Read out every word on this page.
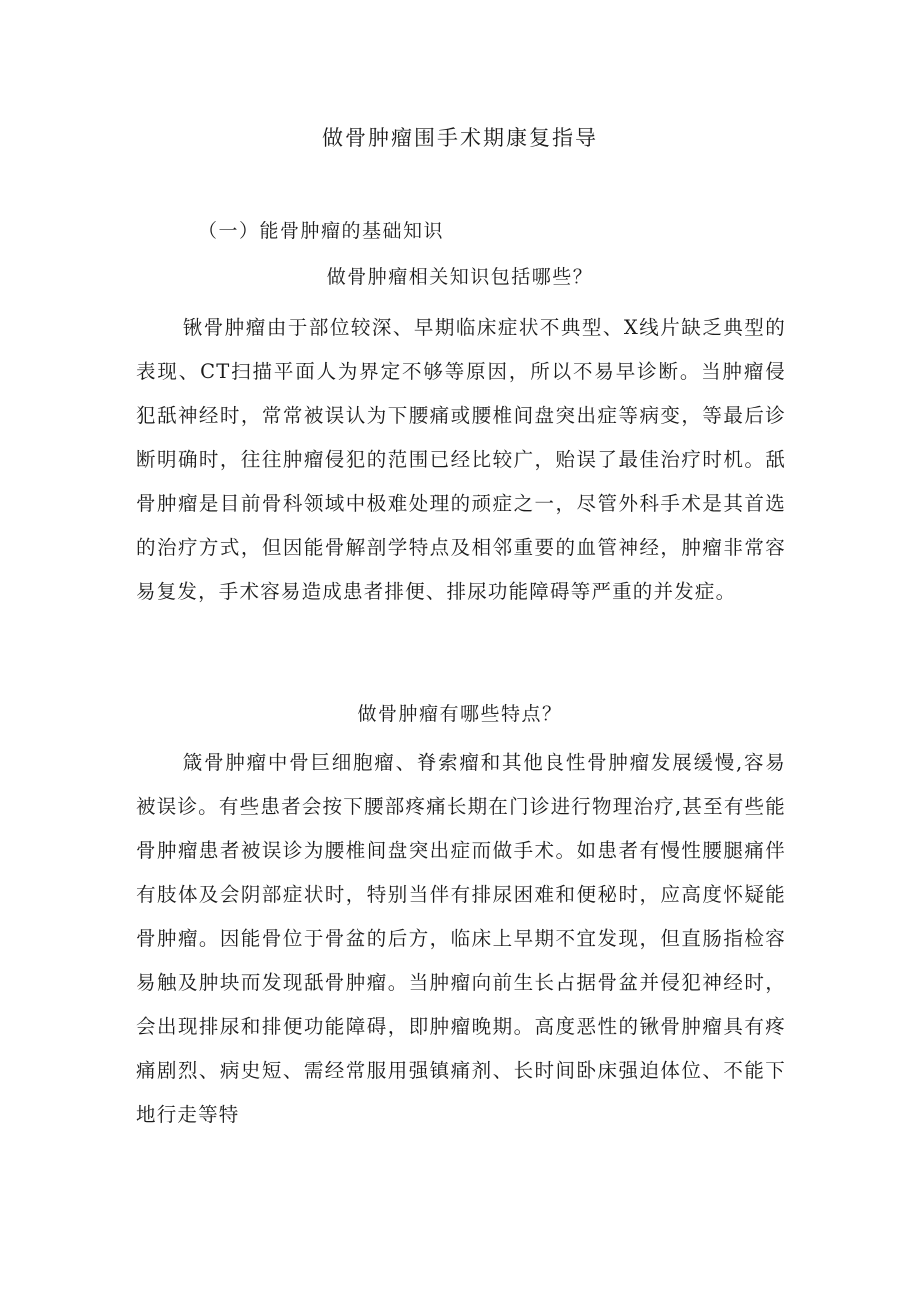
做骨肿瘤围手术期康复指导
（一）能骨肿瘤的基础知识
做骨肿瘤相关知识包括哪些？

锹骨肿瘤由于部位较深、早期临床症状不典型、X线片缺乏典型的表现、CT扫描平面人为界定不够等原因，所以不易早诊断。当肿瘤侵犯舐神经时，常常被误认为下腰痛或腰椎间盘突出症等病变，等最后诊断明确时，往往肿瘤侵犯的范围已经比较广，贻误了最佳治疗时机。舐骨肿瘤是目前骨科领域中极难处理的顽症之一，尽管外科手术是其首选的治疗方式，但因能骨解剖学特点及相邻重要的血管神经，肿瘤非常容易复发，手术容易造成患者排便、排尿功能障碍等严重的并发症。

做骨肿瘤有哪些特点？

箴骨肿瘤中骨巨细胞瘤、脊索瘤和其他良性骨肿瘤发展缓慢,容易被误诊。有些患者会按下腰部疼痛长期在门诊进行物理治疗,甚至有些能骨肿瘤患者被误诊为腰椎间盘突出症而做手术。如患者有慢性腰腿痛伴有肢体及会阴部症状时，特别当伴有排尿困难和便秘时，应高度怀疑能骨肿瘤。因能骨位于骨盆的后方，临床上早期不宜发现，但直肠指检容易触及肿块而发现舐骨肿瘤。当肿瘤向前生长占据骨盆并侵犯神经时，会出现排尿和排便功能障碍，即肿瘤晚期。高度恶性的锹骨肿瘤具有疼痛剧烈、病史短、需经常服用强镇痛剂、长时间卧床强迫体位、不能下地行走等特
